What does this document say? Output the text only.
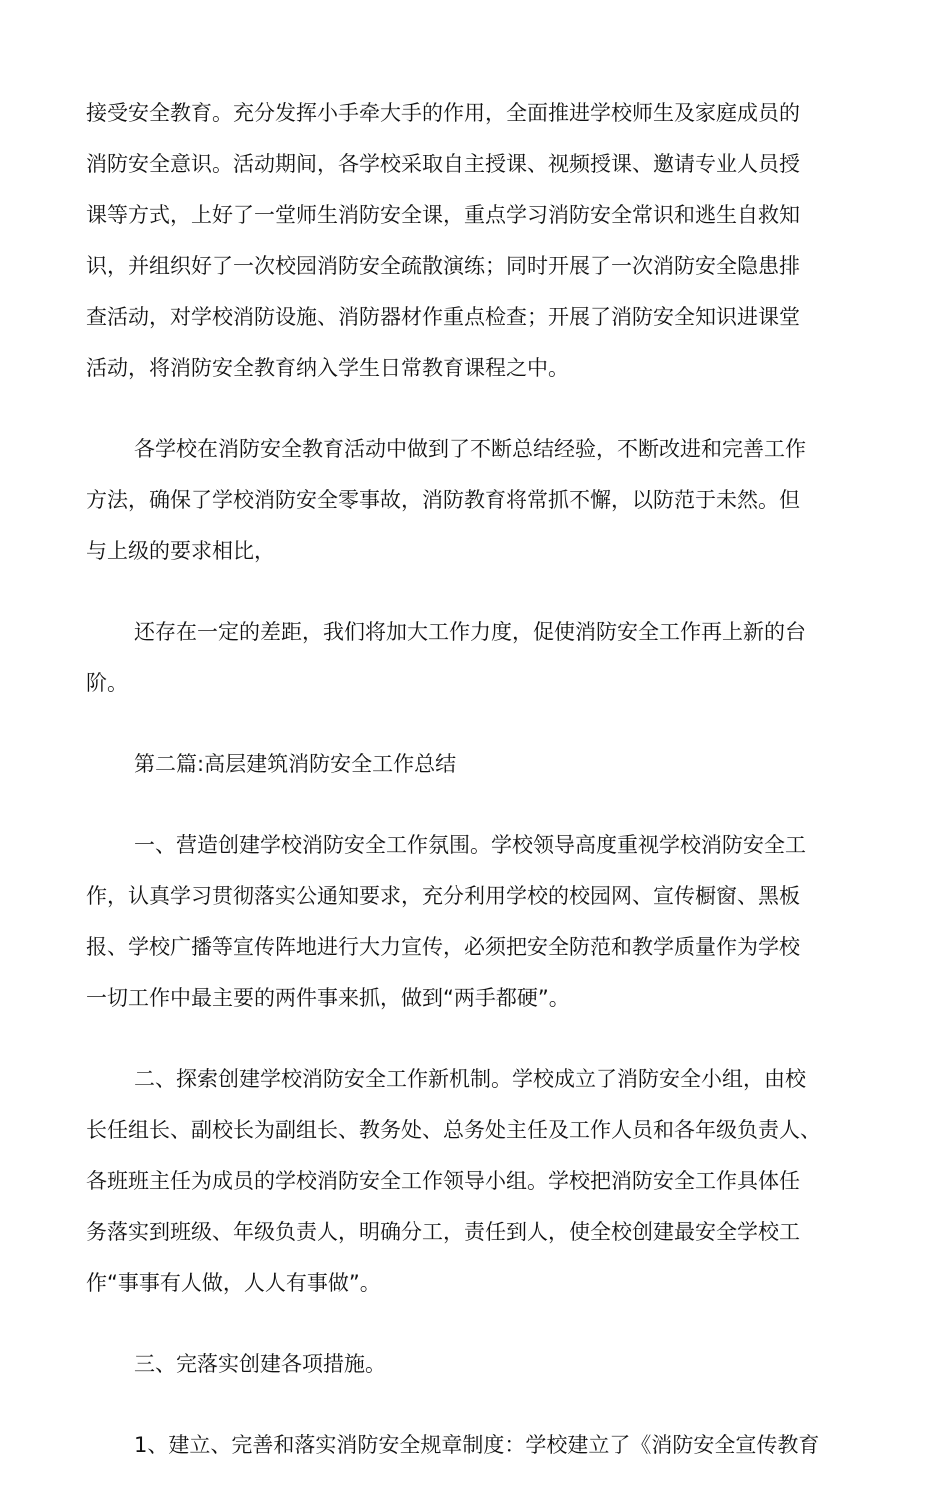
接受安全教育。充分发挥小手牵大手的作用，全面推进学校师生及家庭成员的
消防安全意识。活动期间，各学校采取自主授课、视频授课、邀请专业人员授
课等方式，上好了一堂师生消防安全课，重点学习消防安全常识和逃生自救知
识，并组织好了一次校园消防安全疏散演练；同时开展了一次消防安全隐患排
查活动，对学校消防设施、消防器材作重点检查；开展了消防安全知识进课堂
活动，将消防安全教育纳入学生日常教育课程之中。

各学校在消防安全教育活动中做到了不断总结经验，不断改进和完善工作
方法，确保了学校消防安全零事故，消防教育将常抓不懈，以防范于未然。但
与上级的要求相比，

还存在一定的差距，我们将加大工作力度，促使消防安全工作再上新的台
阶。

第二篇:高层建筑消防安全工作总结

一、营造创建学校消防安全工作氛围。学校领导高度重视学校消防安全工
作，认真学习贯彻落实公通知要求，充分利用学校的校园网、宣传橱窗、黑板
报、学校广播等宣传阵地进行大力宣传，必须把安全防范和教学质量作为学校
一切工作中最主要的两件事来抓，做到“两手都硬”。

二、探索创建学校消防安全工作新机制。学校成立了消防安全小组，由校
长任组长、副校长为副组长、教务处、总务处主任及工作人员和各年级负责人、
各班班主任为成员的学校消防安全工作领导小组。学校把消防安全工作具体任
务落实到班级、年级负责人，明确分工，责任到人，使全校创建最安全学校工
作“事事有人做，人人有事做”。

三、完落实创建各项措施。

1、建立、完善和落实消防安全规章制度：学校建立了《消防安全宣传教育
